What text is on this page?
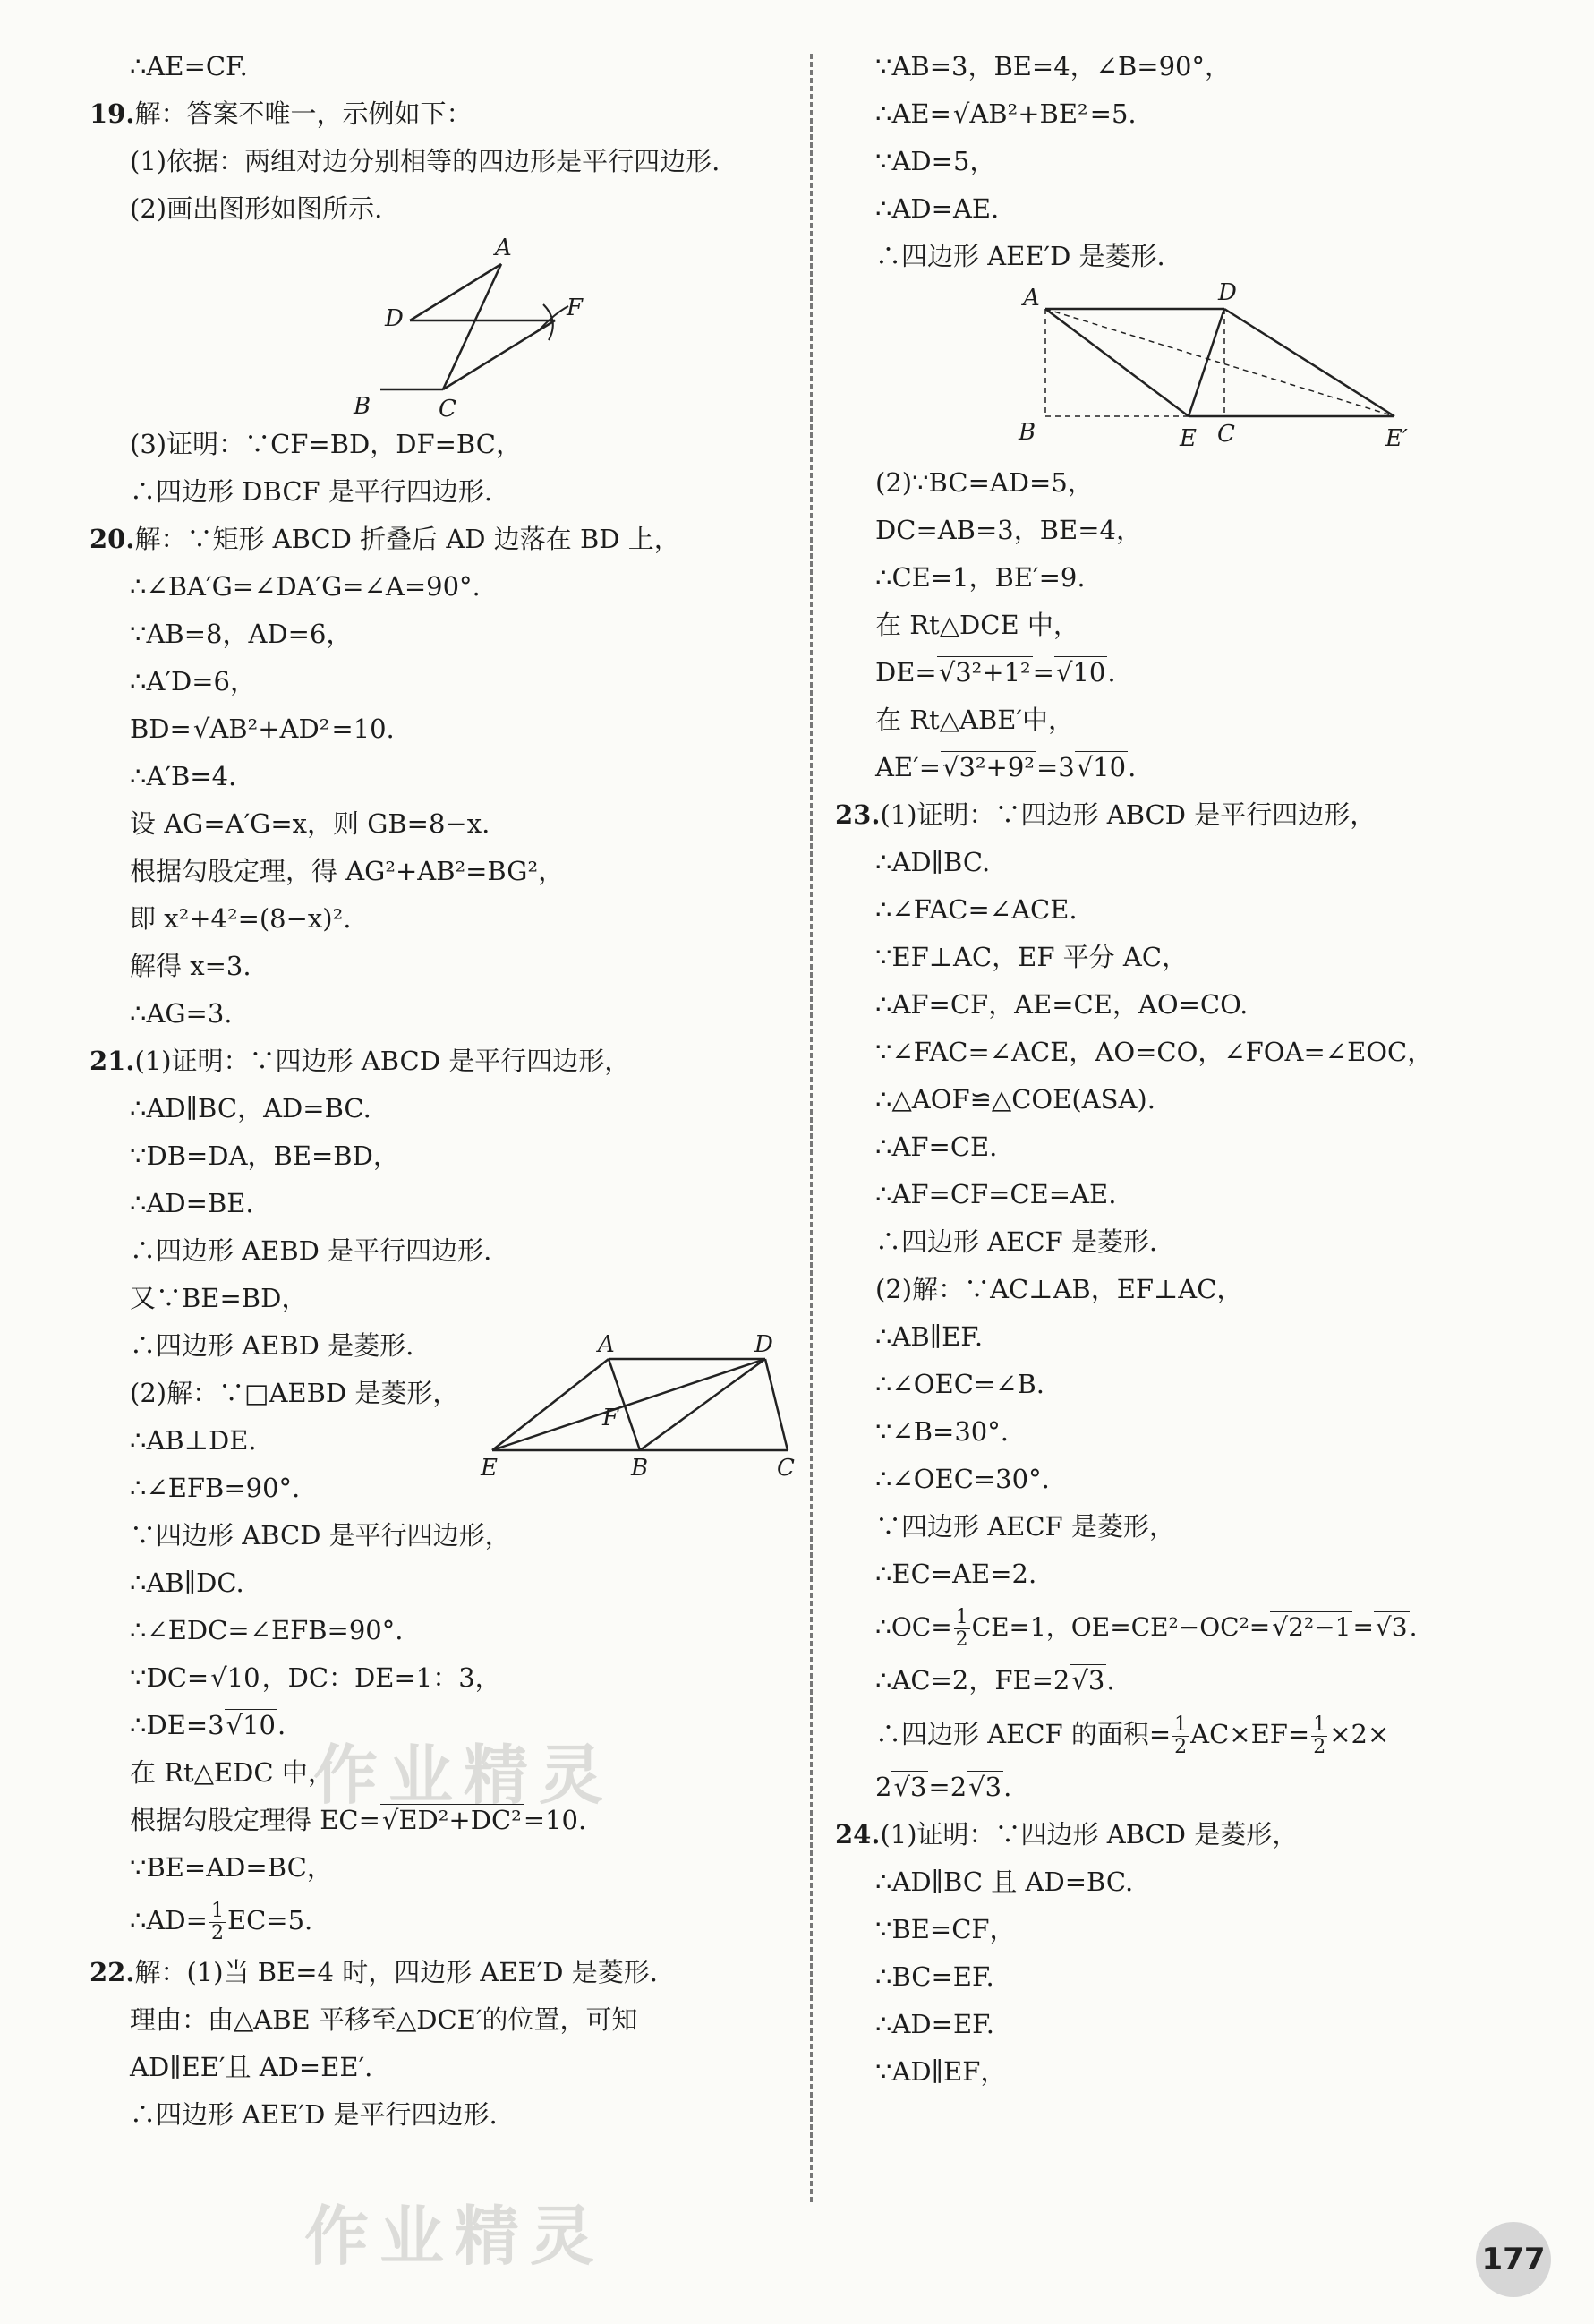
∴AE=CF.
19.解：答案不唯一，示例如下：
(1)依据：两组对边分别相等的四边形是平行四边形.
(2)画出图形如图所示.
A
D	F
B	C
(3)证明：∵CF=BD，DF=BC，
∴四边形 DBCF 是平行四边形.
20.解：∵矩形 ABCD 折叠后 AD 边落在 BD 上，
∴∠BA′G=∠DA′G=∠A=90°.
∵AB=8，AD=6，
∴A′D=6，
BD= √ AB²+AD²=10.
∴A′B=4.
设 AG=A′G=x，则 GB=8−x.
根据勾股定理，得 AG²+AB²=BG²，
即 x²+4²=(8−x)².
解得 x=3.
∴AG=3.
21.(1)证明：∵四边形 ABCD 是平行四边形，
∴AD∥BC，AD=BC.
∵DB=DA，BE=BD，
∴AD=BE.
∴四边形 AEBD 是平行四边形.
又∵BE=BD，
∴四边形 AEBD 是菱形.
(2)解：∵□AEBD 是菱形，
∴AB⊥DE.
∴∠EFB=90°.
∵四边形 ABCD 是平行四边形，
∴AB∥DC.
∴∠EDC=∠EFB=90°.
∵DC= √ 10，DC：DE=1：3，
∴DE=3 √ 10.
在 Rt△EDC 中，
根据勾股定理得 EC= √ ED²+DC²=10.
∵BE=AD=BC，
∴AD= $\frac{1}{2} EC=5$.
22.解：(1)当 BE=4 时，四边形 AEE′D 是菱形.
理由：由△ABE 平移至△DCE′的位置，可知
AD∥EE′且 AD=EE′.
∴四边形 AEE′D 是平行四边形.
A	D
F
E	B	C
∵AB=3，BE=4，∠B=90°，
∴AE= √ AB²+BE²=5.
∵AD=5，
∴AD=AE.
∴四边形 AEE′D 是菱形.
A	D
B	E C	E′
(2)∵BC=AD=5，
DC=AB=3，BE=4，
∴CE=1，BE′=9.
在 Rt△DCE 中，
DE= √ 3²+1²= √ 10.
在 Rt△ABE′中，
AE′= √ 3²+9²=3 √ 10.
23.(1)证明：∵四边形 ABCD 是平行四边形，
∴AD∥BC.
∴∠FAC=∠ACE.
∵EF⊥AC，EF 平分 AC，
∴AF=CF，AE=CE，AO=CO.
∵∠FAC=∠ACE，AO=CO，∠FOA=∠EOC，
∴△AOF≌△COE(ASA).
∴AF=CE.
∴AF=CF=CE=AE.
∴四边形 AECF 是菱形.
(2)解：∵AC⊥AB，EF⊥AC，
∴AB∥EF.
∴∠OEC=∠B.
∵∠B=30°.
∴∠OEC=30°.
∵四边形 AECF 是菱形，
∴EC=AE=2.
∴OC= $\frac{1}{2} CE=1$，OE=CE²−OC²= √ 2²−1= √ 3.
∴AC=2，FE=2 √ 3.
∴四边形 AECF 的面积= $\frac{1}{2} AC\times EF= \frac{1}{2} \times 2\times$
2 √ 3=2 √ 3.
24.(1)证明：∵四边形 ABCD 是菱形，
∴AD∥BC 且 AD=BC.
∵BE=CF，
∴BC=EF.
∴AD=EF.
∵AD∥EF，
作业精灵
作业精灵	177
